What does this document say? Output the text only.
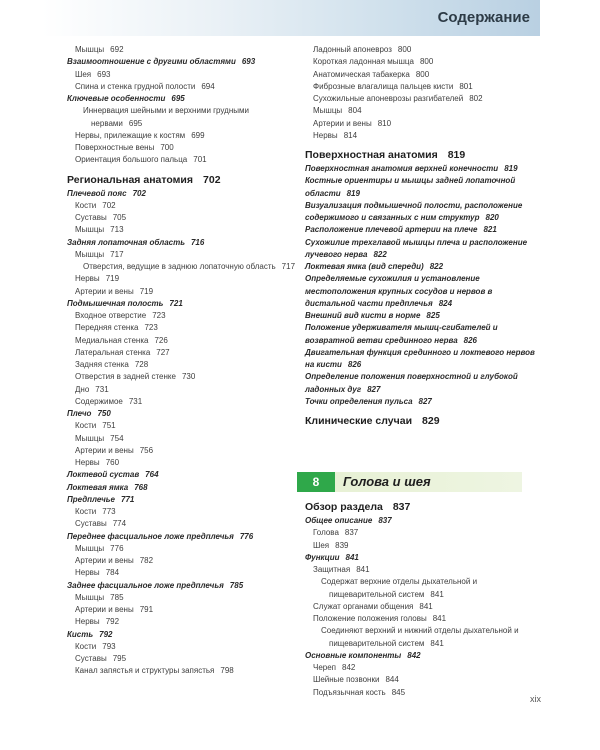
Содержание
Мышцы 692
Взаимоотношение с другими областями 693
Шея 693
Спина и стенка грудной полости 694
Ключевые особенности 695
Иннервация шейными и верхними грудными нервами 695
Нервы, прилежащие к костям 699
Поверхностные вены 700
Ориентация большого пальца 701
Региональная анатомия 702
Плечевой пояс 702
Кости 702
Суставы 705
Мышцы 713
Задняя лопаточная область 716
Мышцы 717
Отверстия, ведущие в заднюю лопаточную область 717
Нервы 719
Артерии и вены 719
Подмышечная полость 721
Входное отверстие 723
Передняя стенка 723
Медиальная стенка 726
Латеральная стенка 727
Задняя стенка 728
Отверстия в задней стенке 730
Дно 731
Содержимое 731
Плечо 750
Кости 751
Мышцы 754
Артерии и вены 756
Нервы 760
Локтевой сустав 764
Локтевая ямка 768
Предплечье 771
Кости 773
Суставы 774
Переднее фасциальное ложе предплечья 776
Мышцы 776
Артерии и вены 782
Нервы 784
Заднее фасциальное ложе предплечья 785
Мышцы 785
Артерии и вены 791
Нервы 792
Кисть 792
Кости 793
Суставы 795
Канал запястья и структуры запястья 798
Ладонный апоневроз 800
Короткая ладонная мышца 800
Анатомическая табакерка 800
Фиброзные влагалища пальцев кисти 801
Сухожильные апоневрозы разгибателей 802
Мышцы 804
Артерии и вены 810
Нервы 814
Поверхностная анатомия 819
Поверхностная анатомия верхней конечности 819
Костные ориентиры и мышцы задней лопаточной области 819
Визуализация подмышечной полости, расположение содержимого и связанных с ним структур 820
Расположение плечевой артерии на плече 821
Сухожилие трехглавой мышцы плеча и расположение лучевого нерва 822
Локтевая ямка (вид спереди) 822
Определяемые сухожилия и установление местоположения крупных сосудов и нервов в дистальной части предплечья 824
Внешний вид кисти в норме 825
Положение удерживателя мышц-сгибателей и возвратной ветви срединного нерва 826
Двигательная функция срединного и локтевого нервов на кисти 826
Определение положения поверхностной и глубокой ладонных дуг 827
Точки определения пульса 827
Клинические случаи 829
8	Голова и шея
Обзор раздела 837
Общее описание 837
Голова 837
Шея 839
Функции 841
Защитная 841
Содержат верхние отделы дыхательной и пищеварительной систем 841
Служат органами общения 841
Положение положения головы 841
Соединяют верхний и нижний отделы дыхательной и пищеварительной систем 841
Основные компоненты 842
Череп 842
Шейные позвонки 844
Подъязычная кость 845
xix
